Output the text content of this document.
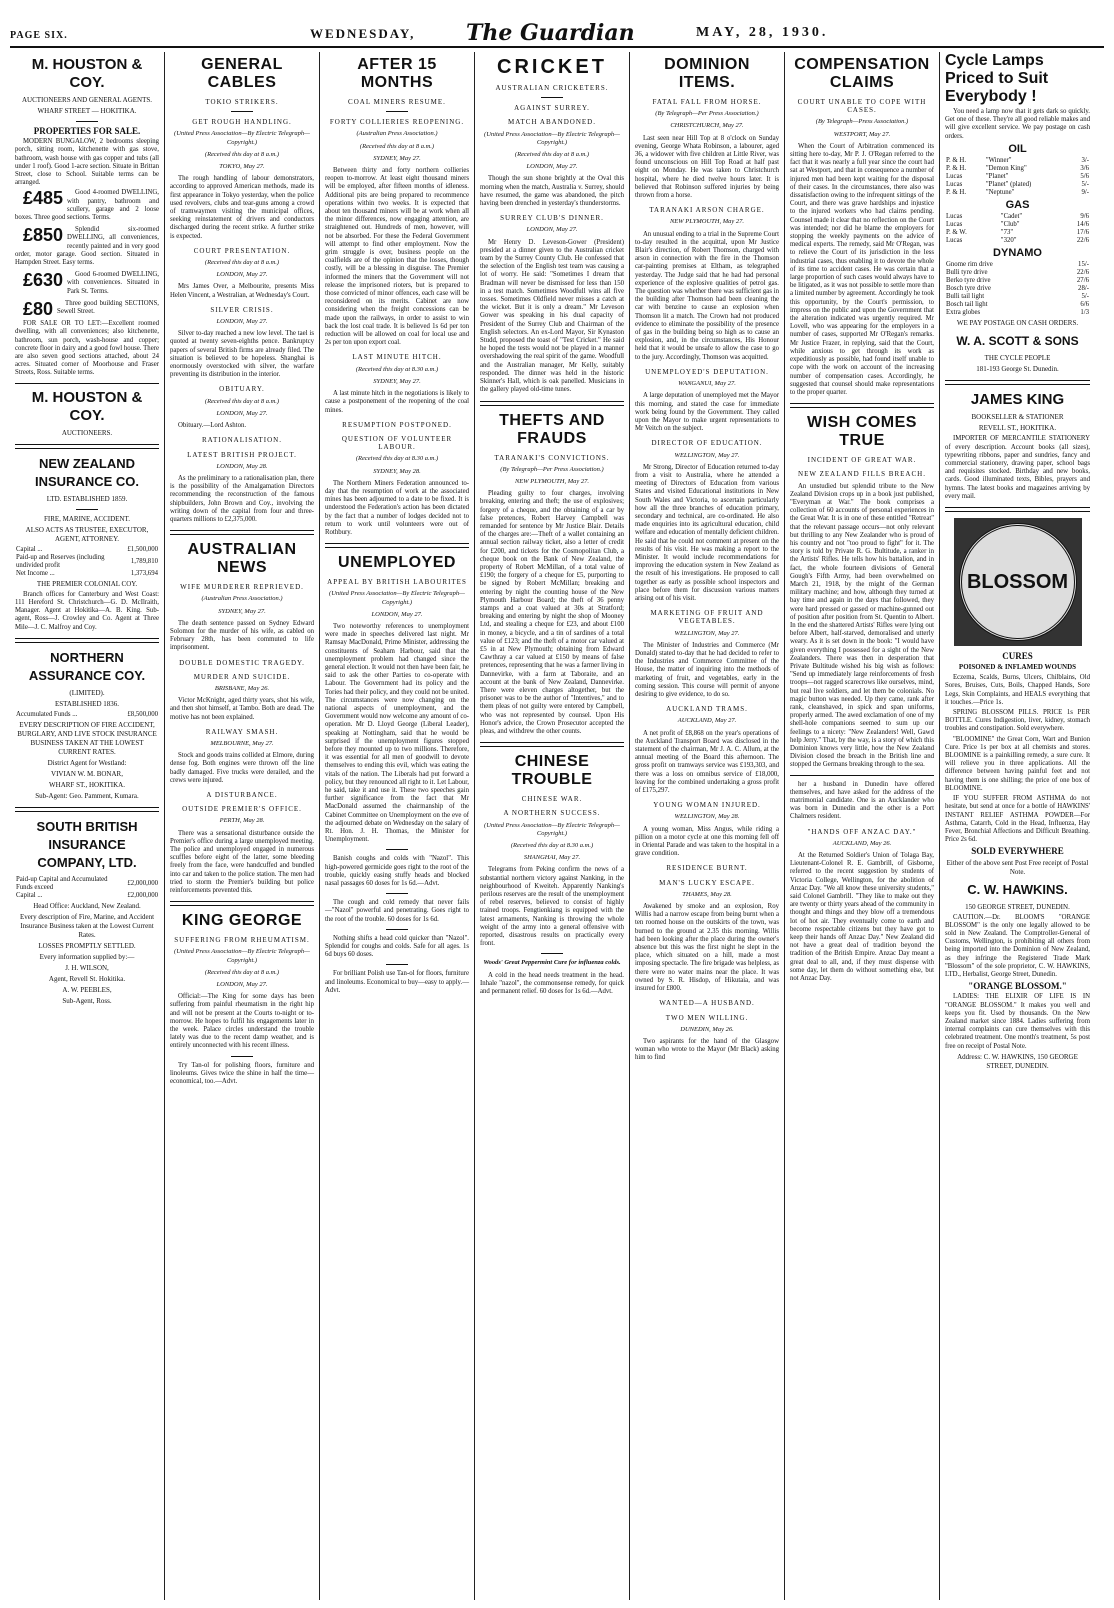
PAGE SIX.	WEDNESDAY, The Guardian	MAY, 28, 1930.
M. HOUSTON & COY.
AUCTIONEERS AND GENERAL AGENTS.
WHARF STREET — HOKITIKA.
PROPERTIES FOR SALE.
MODERN BUNGALOW, 2 bedrooms sleeping porch, sitting room, kitchenette with gas stove, bathroom, wash house with gas copper and tubs (all under 1 roof). Good 1-acre section. Situate in Brittan Street, close to School. Suitable terms can be arranged.
£485 Good 4-roomed DWELLING, with pantry, bathroom and scullery, garage and 2 loose boxes. Three good sections. Terms.
£850 Splendid six-roomed DWELLING, all conveniences, recently painted and in very good order, motor garage. Good section. Situated in Hampden Street. Easy terms.
£630 Good 6-roomed DWELLING, with conveniences. Situated in Park St. Terms.
£80 Three good building SECTIONS, Sewell Street.
FOR SALE OR TO LET:—Excellent roomed dwelling, with all conveniences; also kitchenette, bathroom, sun porch, wash-house and copper; concrete floor in dairy and a good fowl house. There are also seven good sections attached, about 24 acres. Situated corner of Moorhouse and Fraser Streets, Ross. Suitable terms.
M. HOUSTON & COY.
AUCTIONEERS.
NEW ZEALAND INSURANCE CO.
LTD. ESTABLISHED 1859.
FIRE, MARINE, ACCIDENT.
ALSO ACTS AS TRUSTEE, EXECUTOR, AGENT, ATTORNEY.
Capital ...	£1,500,000
Paid-up and Reserves (including undivided profit	1,789,810
Net Income ...	1,373,694
THE PREMIER COLONIAL COY.
Branch offices for Canterbury and West Coast: 111 Hereford St. Christchurch—G. D. McIlraith, Manager. Agent at Hokitika—A. B. King. Sub-agent, Ross—J. Crowley and Co. Agent at Three Mile—J. C. Malfroy and Coy.
NORTHERN ASSURANCE COY.
(LIMITED).
ESTABLISHED 1836.
Accumulated Funds ...	£8,500,000
EVERY DESCRIPTION OF FIRE ACCIDENT, BURGLARY, AND LIVE STOCK INSURANCE BUSINESS TAKEN AT THE LOWEST CURRENT RATES.
District Agent for Westland:
VIVIAN W. M. BONAR,
WHARF ST., HOKITIKA.
Sub-Agent: Geo. Pamment, Kumara.
SOUTH BRITISH INSURANCE COMPANY, LTD.
Paid-up Capital and Accumulated Funds exceed	£2,000,000
Capital ...	£2,000,000
Head Office: Auckland, New Zealand.
Every description of Fire, Marine, and Accident Insurance Business taken at the Lowest Current Rates.
LOSSES PROMPTLY SETTLED.
Every information supplied by:—
J. H. WILSON,
Agent, Revell St. Hokitika.
A. W. PEEBLES,
Sub-Agent, Ross.
GENERAL CABLES
TOKIO STRIKERS.
GET ROUGH HANDLING.
(United Press Association—By Electric Telegraph—Copyright.)
(Received this day at 8 a.m.)
TOKYO, May 27.
The rough handling of labour demonstrators, according to approved American methods, made its first appearance in Tokyo yesterday, when the police used revolvers, clubs and tear-guns among a crowd of tramwaymen visiting the municipal offices, seeking reinstatement of drivers and conductors discharged during the recent strike. A further strike is expected.
COURT PRESENTATION.
(Received this day at 8 a.m.)
LONDON, May 27.
Mrs James Over, a Melbourite, presents Miss Helen Vincent, a Westralian, at Wednesday's Court.
SILVER CRISIS.
LONDON, May 27.
Silver to-day reached a new low level. The tael is quoted at twenty seven-eighths pence. Bankruptcy papers of several British firms are already filed. The situation is believed to be hopeless. Shanghai is enormously overstocked with silver, the warfare preventing its distribution in the interior.
OBITUARY.
(Received this day at 8 a.m.)
LONDON, May 27.
Obituary.—Lord Ashton.
RATIONALISATION.
LATEST BRITISH PROJECT.
LONDON, May 28.
As the preliminary to a rationalisation plan, there is the possibility of the Amalgamation Directors recommending the reconstruction of the famous shipbuilders, John Brown and Coy., involving the writing down of the capital from four and three-quarters millions to £2,375,000.
AUSTRALIAN NEWS
WIFE MURDERER REPRIEVED.
(Australian Press Association.)
SYDNEY, May 27.
The death sentence passed on Sydney Edward Solomon for the murder of his wife, as cabled on February 28th, has been commuted to life imprisonment.
DOUBLE DOMESTIC TRAGEDY.
MURDER AND SUICIDE.
BRISBANE, May 26.
Victor McKnight, aged thirty years, shot his wife, and then shot himself, at Tambo. Both are dead. The motive has not been explained.
RAILWAY SMASH.
MELBOURNE, May 27.
Stock and goods trains collided at Elmore, during dense fog. Both engines were thrown off the line badly damaged. Five trucks were derailed, and the crews were injured.
A DISTURBANCE.
OUTSIDE PREMIER'S OFFICE.
PERTH, May 28.
There was a sensational disturbance outside the Premier's office during a large unemployed meeting. The police and unemployed engaged in numerous scuffles before eight of the latter, some bleeding freely from the face, were handcuffed and bundled into car and taken to the police station. The men had tried to storm the Premier's building but police reinforcements prevented this.
KING GEORGE
SUFFERING FROM RHEUMATISM.
(United Press Association—By Electric Telegraph—Copyright.)
(Received this day at 8 a.m.)
LONDON, May 27.
Official:—The King for some days has been suffering from painful rheumatism in the right hip and will not be present at the Courts to-night or to-morrow. He hopes to fulfil his engagements later in the week. Palace circles understand the trouble lately was due to the recent damp weather, and is entirely unconnected with his recent illness.
Try Tan-ol for polishing floors, furniture and linoleums. Gives twice the shine in half the time—economical, too.—Advt.
AFTER 15 MONTHS
COAL MINERS RESUME.
FORTY COLLIERIES REOPENING.
(Australian Press Association.)
(Received this day at 8 a.m.)
SYDNEY, May 27.
Between thirty and forty northern collieries reopen to-morrow. At least eight thousand miners will be employed, after fifteen months of idleness. Additional pits are being prepared to recommence operations within two weeks. It is expected that about ten thousand miners will be at work when all the minor differences, now engaging attention, are straightened out. Hundreds of men, however, will not be absorbed. For these the Federal Government will attempt to find other employment. Now the grim struggle is over, business people on the coalfields are of the opinion that the losses, though costly, will be a blessing in disguise. The Premier informed the miners that the Government will not release the imprisoned rioters, but is prepared to those convicted of minor offences, each case will be reconsidered on its merits. Cabinet are now considering when the freight concessions can be made upon the railways, in order to assist to win back the lost coal trade. It is believed 1s 6d per ton reduction will be allowed on coal for local use and 2s per ton upon export coal.
LAST MINUTE HITCH.
(Received this day at 8.30 a.m.)
SYDNEY, May 27.
A last minute hitch in the negotiations is likely to cause a postponement of the reopening of the coal mines.
RESUMPTION POSTPONED.
QUESTION OF VOLUNTEER LABOUR.
(Received this day at 8.30 a.m.)
SYDNEY, May 28.
The Northern Miners Federation announced to-day that the resumption of work at the associated mines has been adjourned to a date to be fixed. It is understood the Federation's action has been dictated by the fact that a number of lodges decided not to return to work until volunteers were out of Rothbury.
UNEMPLOYED
APPEAL BY BRITISH LABOURITES
(United Press Association—By Electric Telegraph—Copyright.)
LONDON, May 27.
Two noteworthy references to unemployment were made in speeches delivered last night. Mr Ramsay MacDonald, Prime Minister, addressing the constituents of Seaham Harbour, said that the unemployment problem had changed since the general election. It would not then have been fair, he said to ask the other Parties to co-operate with Labour. The Government had its policy and the Tories had their policy, and they could not be united. The circumstances were now changing on the national aspects of unemployment, and the Government would now welcome any amount of co-operation. Mr D. Lloyd George (Liberal Leader), speaking at Nottingham, said that he would be surprised if the unemployment figures stopped before they mounted up to two millions. Therefore, it was essential for all men of goodwill to devote themselves to ending this evil, which was eating the vitals of the nation. The Liberals had put forward a policy, but they renounced all right to it. Let Labour, he said, take it and use it. These two speeches gain further significance from the fact that Mr MacDonald assumed the chairmanship of the Cabinet Committee on Unemployment on the eve of the adjourned debate on Wednesday on the salary of Rt. Hon. J. H. Thomas, the Minister for Unemployment.
Banish coughs and colds with "Nazol". This high-powered germicide goes right to the root of the trouble, quickly easing stuffy heads and blocked nasal passages 60 doses for 1s 6d.—Advt.
The cough and cold remedy that never fails—"Nazol" powerful and penetrating. Goes right to the root of the trouble. 60 doses for 1s 6d.
Nothing shifts a head cold quicker than "Nazol". Splendid for coughs and colds. Safe for all ages. 1s 6d buys 60 doses.
For brilliant Polish use Tan-ol for floors, furniture and linoleums. Economical to buy—easy to apply.—Advt.
CRICKET
AUSTRALIAN CRICKETERS.
AGAINST SURREY.
MATCH ABANDONED.
(United Press Association—By Electric Telegraph—Copyright.)
(Received this day at 8 a.m.)
LONDON, May 27.
Though the sun shone brightly at the Oval this morning when the match, Australia v. Surrey, should have resumed, the game was abandoned, the pitch having been drenched in yesterday's thunderstorms.
SURREY CLUB'S DINNER.
LONDON, May 27.
Mr Henry D. Leveson-Gower (President) presided at a dinner given to the Australian cricket team by the Surrey County Club. He confessed that the selection of the English test team was causing a lot of worry. He said: "Sometimes I dream that Bradman will never be dismissed for less than 150 in a test match. Sometimes Woodfull wins all five tosses. Sometimes Oldfield never misses a catch at the wicket. But it is only a dream." Mr Leveson Gower was speaking in his dual capacity of President of the Surrey Club and Chairman of the English selectors. An ex-Lord Mayor, Sir Kynaston Studd, proposed the toast of "Test Cricket." He said he hoped the tests would not be played in a manner overshadowing the real spirit of the game. Woodfull and the Australian manager, Mr Kelly, suitably responded. The dinner was held in the historic Skinner's Hall, which is oak panelled. Musicians in the gallery played old-time tunes.
THEFTS AND FRAUDS
TARANAKI'S CONVICTIONS.
(By Telegraph—Per Press Association.)
NEW PLYMOUTH, May 27.
Pleading guilty to four charges, involving breaking, entering and theft; the use of explosives; forgery of a cheque, and the obtaining of a car by false pretences, Robert Harvey Campbell was remanded for sentence by Mr Justice Blair. Details of the charges are:—Theft of a wallet containing an annual section railway ticket, also a letter of credit for £200, and tickets for the Cosmopolitan Club, a cheque book on the Bank of New Zealand, the property of Robert McMillan, of a total value of £190; the forgery of a cheque for £5, purporting to be signed by Robert McMillan; breaking and entering by night the counting house of the New Plymouth Harbour Board; the theft of 36 penny stamps and a coat valued at 30s at Stratford; breaking and entering by night the shop of Mooney Ltd, and stealing a cheque for £23, and about £100 in money, a bicycle, and a tin of sardines of a total value of £123; and the theft of a motor car valued at £5 in at New Plymouth; obtaining from Edward Cawthray a car valued at £150 by means of false pretences, representing that he was a farmer living in Dannevirke, with a farm at Taboraite, and an account at the bank of New Zealand, Dannevirke. There were eleven charges altogether, but the prisoner was to be the author of "Intentives," and to them pleas of not guilty were entered by Campbell, who was not represented by counsel. Upon His Honor's advice, the Crown Prosecutor accepted the pleas, and withdrew the other counts.
CHINESE TROUBLE
CHINESE WAR.
A NORTHERN SUCCESS.
(United Press Association—By Electric Telegraph—Copyright.)
(Received this day at 8.30 a.m.)
SHANGHAI, May 27.
Telegrams from Peking confirm the news of a substantial northern victory against Nanking, in the neighbourhood of Kweiteh. Apparently Nanking's perilous reserves are the result of the unemployment of rebel reserves, believed to consist of highly trained troops. Fengtienkiang is equipped with the latest armaments, Nanking is throwing the whole weight of the army into a general offensive with reported, disastrous results on practically every front.
Woods' Great Peppermint Cure for influenza colds.
A cold in the head needs treatment in the head. Inhale "nazol", the commonsense remedy, for quick and permanent relief. 60 doses for 1s 6d.—Advt.
DOMINION ITEMS.
FATAL FALL FROM HORSE.
(By Telegraph—Per Press Association.)
CHRISTCHURCH, May 27.
Last seen near Hill Top at 8 o'clock on Sunday evening, George Whata Robinson, a labourer, aged 36, a widower with five children at Little River, was found unconscious on Hill Top Road at half past eight on Monday. He was taken to Christchurch hospital, where he died twelve hours later. It is believed that Robinson suffered injuries by being thrown from a horse.
TARANAKI ARSON CHARGE.
NEW PLYMOUTH, May 27.
An unusual ending to a trial in the Supreme Court to-day resulted in the acquittal, upon Mr Justice Blair's direction, of Robert Thomson, charged with arson in connection with the fire in the Thomson car-painting premises at Eltham, as telegraphed yesterday. The Judge said that he had had personal experience of the explosive qualities of petrol gas. The question was whether there was sufficient gas in the building after Thomson had been cleaning the car with benzine to cause an explosion when Thomson lit a match. The Crown had not produced evidence to eliminate the possibility of the presence of gas in the building being so high as to cause an explosion, and, in the circumstances, His Honour held that it would be unsafe to allow the case to go to the jury. Accordingly, Thomson was acquitted.
UNEMPLOYED'S DEPUTATION.
WANGANUI, May 27.
A large deputation of unemployed met the Mayor this morning, and stated the case for immediate work being found by the Government. They called upon the Mayor to make urgent representations to Mr Veitch on the subject.
DIRECTOR OF EDUCATION.
WELLINGTON, May 27.
Mr Strong, Director of Education returned to-day from a visit to Australia, where he attended a meeting of Directors of Education from various States and visited Educational institutions in New South Wales and Victoria, to ascertain particularly how all the three branches of education primary, secondary and technical, are co-ordinated. He also made enquiries into its agricultural education, child welfare and education of mentally deficient children. He said that he could not comment at present on the results of his visit. He was making a report to the Minister. It would include recommendations for improving the education system in New Zealand as the result of his investigations. He proposed to call together as early as possible school inspectors and place before them for discussion various matters arising out of his visit.
MARKETING OF FRUIT AND VEGETABLES.
WELLINGTON, May 27.
The Minister of Industries and Commerce (Mr Donald) stated to-day that he had decided to refer to the Industries and Commerce Committee of the House, the matter of inquiring into the methods of marketing of fruit, and vegetables, early in the coming session. This course will permit of anyone desiring to give evidence, to do so.
AUCKLAND TRAMS.
AUCKLAND, May 27.
A net profit of £8,868 on the year's operations of the Auckland Transport Board was disclosed in the statement of the chairman, Mr J. A. C. Allum, at the annual meeting of the Board this afternoon. The gross profit on tramways service was £193,303, and there was a loss on omnibus service of £18,000, leaving for the combined undertaking a gross profit of £175,297.
YOUNG WOMAN INJURED.
WELLINGTON, May 28.
A young woman, Miss Angus, while riding a pillion on a motor cycle at one this morning fell off in Oriental Parade and was taken to the hospital in a grave condition.
RESIDENCE BURNT.
MAN'S LUCKY ESCAPE.
THAMES, May 28.
Awakened by smoke and an explosion, Roy Willis had a narrow escape from being burnt when a ten roomed house on the outskirts of the town, was burned to the ground at 2.35 this morning. Willis had been looking after the place during the owner's absence but this was the first night he slept in the place, which situated on a hill, made a most imposing spectacle. The fire brigade was helpless, as there were no water mains near the place. It was owned by S. R. Hisdop, of Hikutaia, and was insured for £800.
WANTED—A HUSBAND.
TWO MEN WILLING.
DUNEDIN, May 26.
Two aspirants for the hand of the Glasgow woman who wrote to the Mayor (Mr Black) asking him to find
COMPENSATION CLAIMS
COURT UNABLE TO COPE WITH CASES.
(By Telegraph—Press Association.)
WESTPORT, May 27.
When the Court of Arbitration commenced its sitting here to-day, Mr P. J. O'Regan referred to the fact that it was nearly a full year since the court had sat at Westport, and that in consequence a number of injured men had been kept waiting for the disposal of their cases. In the circumstances, there also was dissatisfaction owing to the infrequent sittings of the Court, and there was grave hardships and injustice to the injured workers who had claims pending. Counsel made it clear that no reflection on the Court was intended; nor did he blame the employers for stopping the weekly payments on the advice of medical experts. The remedy, said Mr O'Regan, was to relieve the Court of its jurisdiction in the less industrial cases, thus enabling it to devote the whole of its time to accident cases. He was certain that a large proportion of such cases would always have to be litigated, as it was not possible to settle more than a limited number by agreement. Accordingly he took this opportunity, by the Court's permission, to impress on the public and upon the Government that the alteration indicated was urgently required. Mr Lovell, who was appearing for the employers in a number of cases, supported Mr O'Regan's remarks. Mr Justice Frazer, in replying, said that the Court, while anxious to get through its work as expeditiously as possible, had found itself unable to cope with the work on account of the increasing number of compensation cases. Accordingly, he suggested that counsel should make representations to the proper quarter.
WISH COMES TRUE
INCIDENT OF GREAT WAR.
NEW ZEALAND FILLS BREACH.
An unstudied but splendid tribute to the New Zealand Division crops up in a book just published, "Everyman at War." The book comprises a collection of 60 accounts of personal experiences in the Great War. It is in one of these entitled "Retreat" that the relevant passage occurs—not only relevant but thrilling to any New Zealander who is proud of his country and not "too proud to fight" for it. The story is told by Private R. G. Bultitude, a ranker in the Artists' Rifles. He tells how his battalion, and in fact, the whole fourteen divisions of General Gough's Fifth Army, had been overwhelmed on March 21, 1918, by the might of the German military machine; and how, although they turned at bay time and again in the days that followed, they were hard pressed or gassed or machine-gunned out of position after position from St. Quentin to Albert. In the end the shattered Artists' Rifles were lying out before Albert, half-starved, demoralised and utterly weary. As it is set down in the book: "I would have given everything I possessed for a sight of the New Zealanders. There was then in desperation that Private Bultitude wished his big wish as follows: "Send up immediately large reinforcements of fresh troops—not ragged scarecrows like ourselves, mind, but real live soldiers, and let them be colonials. No magic button was needed. Up they came, rank after rank, cleanshaved, in spick and span uniforms, properly armed. The awed exclamation of one of my shell-hole companions seemed to sum up our feelings to a nicety: "New Zealanders! Well, Gawd help Jerry." That, by the way, is a story of which this Dominion knows very little, how the New Zealand Division closed the breach in the British line and stopped the Germans breaking through to the sea.
her a husband in Dunedin have offered themselves, and have asked for the address of the matrimonial candidate. One is an Aucklander who was born in Dunedin and the other is a Port Chalmers resident.
"HANDS OFF ANZAC DAY."
AUCKLAND, May 26.
At the Returned Soldier's Union of Tolaga Bay, Lieutenant-Colonel R. E. Gambrill, of Gisborne, referred to the recent suggestion by students of Victoria College, Wellington, for the abolition of Anzac Day. "We all know these university students," said Colonel Gambrill. "They like to make out they are twenty or thirty years ahead of the community in thought and things and they blow off a tremendous lot of hot air. They eventually come to earth and become respectable citizens but they have got to keep their hands off Anzac Day." New Zealand did not have a great deal of tradition beyond the tradition of the British Empire. Anzac Day meant a great deal to all, and, if they must dispense with some day, let them do without something else, but not Anzac Day.
Cycle Lamps Priced to Suit Everybody !
You need a lamp now that it gets dark so quickly. Get one of these. They're all good reliable makes and will give excellent service. We pay postage on cash orders.
OIL
P. & H.	"Winner"	3/-
P. & H.	"Demon King"	3/6
Lucas	"Planet"	5/6
Lucas	"Planet" (plated)	5/-
P. & H.	"Neptune"	9/-
GAS
Lucas	"Cadet"	9/6
Lucas	"Club"	14/6
P. & W.	"73"	17/6
Lucas	"320"	22/6
DYNAMO
Gnome rim drive	15/-
Bulli tyre drive	22/6
Berko tyre drive	27/6
Bosch tyre drive	28/-
Bulli tail light	5/-
Bosch tail light	6/6
Extra globes	1/3
WE PAY POSTAGE ON CASH ORDERS.
W. A. SCOTT & SONS
THE CYCLE PEOPLE
181-193 George St. Dunedin.
JAMES KING
BOOKSELLER & STATIONER
REVELL ST., HOKITIKA.
IMPORTER OF MERCANTILE STATIONERY of every description. Account books (all sizes), typewriting ribbons, paper and sundries, fancy and commercial stationery, drawing paper, school bags and requisites stocked. Birthday and new books, cards. Good illuminated texts, Bibles, prayers and hymns. The latest books and magazines arriving by every mail.
BLOSSOM
CURES
POISONED & INFLAMED WOUNDS
Eczema, Scalds, Burns, Ulcers, Chilblains, Old Sores, Bruises, Cuts, Boils, Chapped Hands, Sore Legs, Skin Complaints, and HEALS everything that it touches.—Price 1s.
SPRING BLOSSOM PILLS. PRICE 1s PER BOTTLE. Cures Indigestion, liver, kidney, stomach troubles and constipation. Sold everywhere.
"BLOOMINE" the Great Corn, Wart and Bunion Cure. Price 1s per box at all chemists and stores. BLOOMINE is a painkilling remedy, a sure cure. It will relieve you in three applications. All the difference between having painful feet and not having them is one shilling; the price of one box of BLOOMINE.
IF YOU SUFFER FROM ASTHMA do not hesitate, but send at once for a bottle of HAWKINS' INSTANT RELIEF ASTHMA POWDER—For Asthma, Catarrh, Cold in the Head, Influenza, Hay Fever, Bronchial Affections and Difficult Breathing. Price 2s 6d.
SOLD EVERYWHERE
Either of the above sent Post Free receipt of Postal Note.
C. W. HAWKINS.
150 GEORGE STREET, DUNEDIN.
CAUTION.—Dr. BLOOM'S "ORANGE BLOSSOM" is the only one legally allowed to be sold in New Zealand. The Comptroller-General of Customs, Wellington, is prohibiting all others from being imported into the Dominion of New Zealand, as they infringe the Registered Trade Mark "Blossom" of the sole proprietor, C. W. HAWKINS, LTD., Herbalist, George Street, Dunedin.
"ORANGE BLOSSOM."
LADIES: THE ELIXIR OF LIFE IS IN "ORANGE BLOSSOM." It makes you well and keeps you fit. Used by thousands. On the New Zealand market since 1884. Ladies suffering from internal complaints can cure themselves with this celebrated treatment. One month's treatment, 5s post free on receipt of Postal Note.
Address: C. W. HAWKINS, 150 GEORGE STREET, DUNEDIN.
